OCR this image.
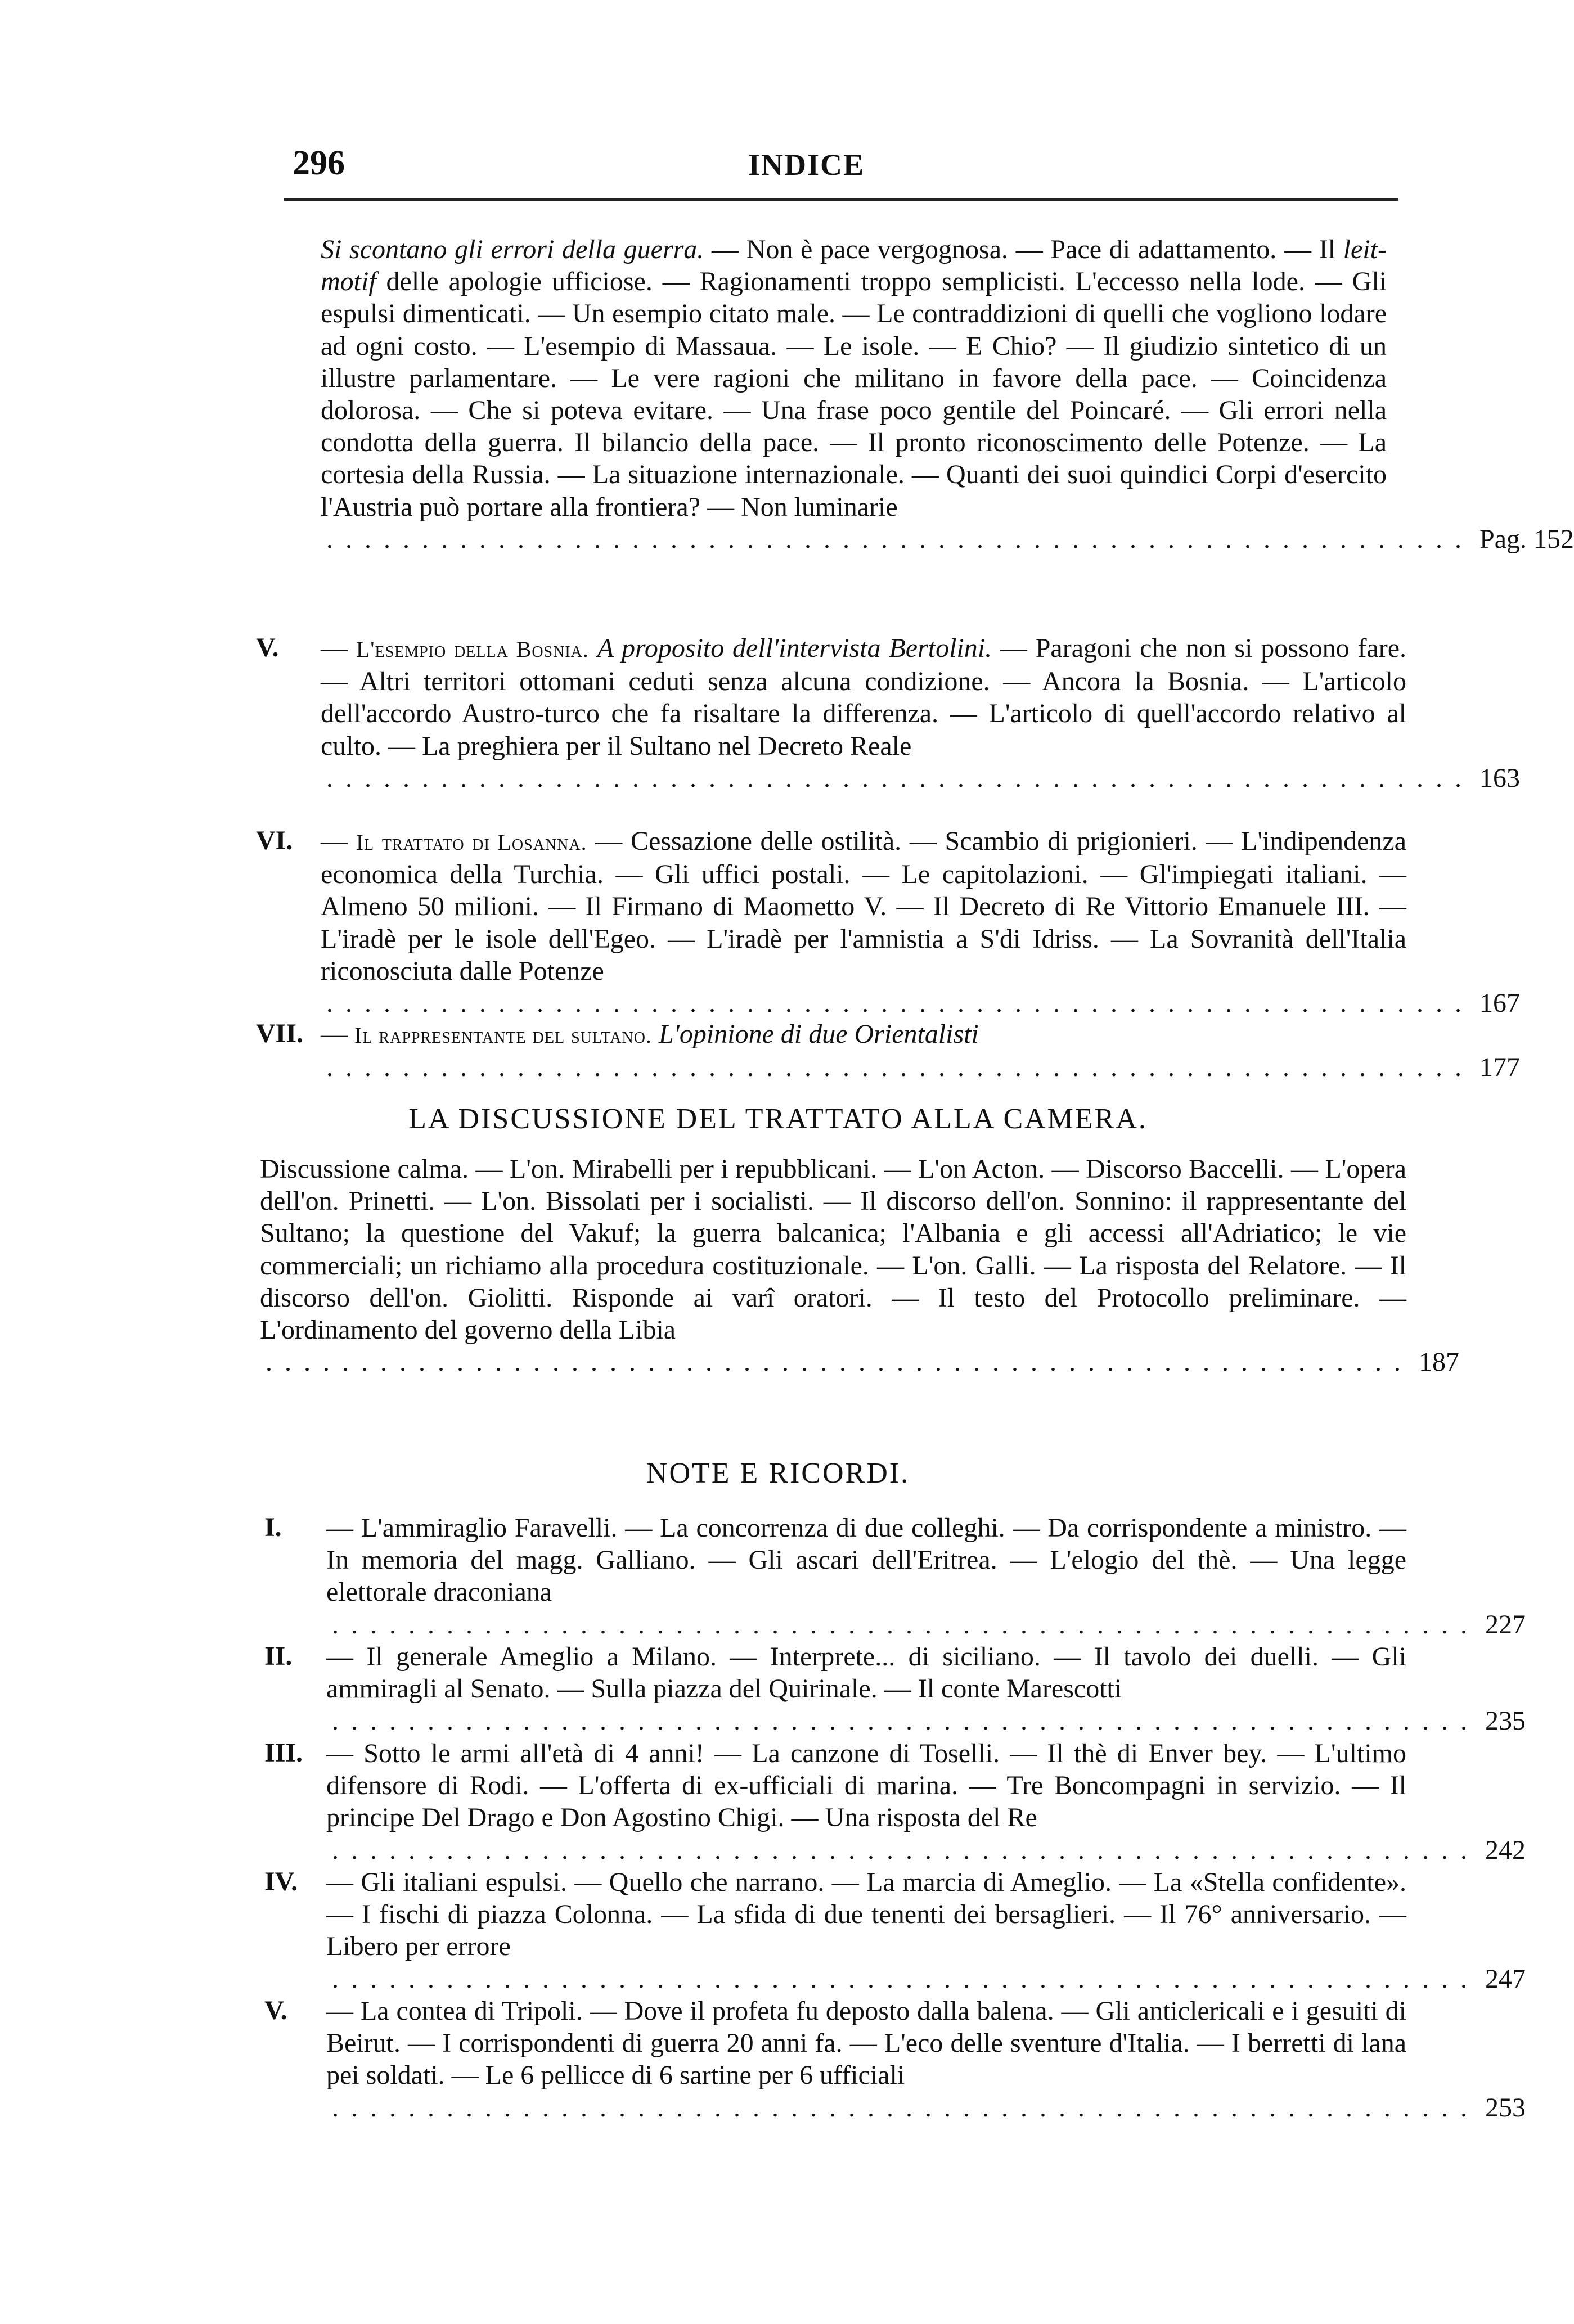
296	INDICE
Si scontano gli errori della guerra. — Non è pace vergognosa. — Pace di adattamento. — Il leit-motif delle apologie ufficiose. — Ragionamenti troppo semplicisti. L'eccesso nella lode. — Gli espulsi dimenticati. — Un esempio citato male. — Le contraddizioni di quelli che vogliono lodare ad ogni costo. — L'esempio di Massaua. — Le isole. — E Chio? — Il giudizio sintetico di un illustre parlamentare. — Le vere ragioni che militano in favore della pace. — Coincidenza dolorosa. — Che si poteva evitare. — Una frase poco gentile del Poincaré. — Gli errori nella condotta della guerra. Il bilancio della pace. — Il pronto riconoscimento delle Potenze. — La cortesia della Russia. — La situazione internazionale. — Quanti dei suoi quindici Corpi d'esercito l'Austria può portare alla frontiera? — Non luminarie
............................................................ Pag. 152
— L'esempio della Bosnia. A proposito dell'intervista Bertolini. — Paragoni che non si possono fare. — Altri territori ottomani ceduti senza alcuna condizione. — Ancora la Bosnia. — L'articolo dell'accordo Austro-turco che fa risaltare la differenza. — L'articolo di quell'accordo relativo al culto. — La preghiera per il Sultano nel Decreto Reale
............................................................ 163
— Il trattato di Losanna. — Cessazione delle ostilità. — Scambio di prigionieri. — L'indipendenza economica della Turchia. — Gli uffici postali. — Le capitolazioni. — Gl'impiegati italiani. — Almeno 50 milioni. — Il Firmano di Maometto V. — Il Decreto di Re Vittorio Emanuele III. — L'iradè per le isole dell'Egeo. — L'iradè per l'amnistia a S'di Idriss. — La Sovranità dell'Italia riconosciuta dalle Potenze
............................................................ 167
— Il rappresentante del sultano. L'opinione di due Orientalisti
............................................................ 177
V.
VI.
VII.
LA DISCUSSIONE DEL TRATTATO ALLA CAMERA.
Discussione calma. — L'on. Mirabelli per i repubblicani. — L'on Acton. — Discorso Baccelli. — L'opera dell'on. Prinetti. — L'on. Bissolati per i socialisti. — Il discorso dell'on. Sonnino: il rappresentante del Sultano; la questione del Vakuf; la guerra balcanica; l'Albania e gli accessi all'Adriatico; le vie commerciali; un richiamo alla procedura costituzionale. — L'on. Galli. — La risposta del Relatore. — Il discorso dell'on. Giolitti. Risponde ai varî oratori. — Il testo del Protocollo preliminare. — L'ordinamento del governo della Libia
............................................................ 187
NOTE E RICORDI.
I.
II.
III.
IV.
V.
— L'ammiraglio Faravelli. — La concorrenza di due colleghi. — Da corrispondente a ministro. — In memoria del magg. Galliano. — Gli ascari dell'Eritrea. — L'elogio del thè. — Una legge elettorale draconiana
............................................................ 227
— Il generale Ameglio a Milano. — Interprete... di siciliano. — Il tavolo dei duelli. — Gli ammiragli al Senato. — Sulla piazza del Quirinale. — Il conte Marescotti
............................................................ 235
— Sotto le armi all'età di 4 anni! — La canzone di Toselli. — Il thè di Enver bey. — L'ultimo difensore di Rodi. — L'offerta di ex-ufficiali di marina. — Tre Boncompagni in servizio. — Il principe Del Drago e Don Agostino Chigi. — Una risposta del Re
............................................................ 242
— Gli italiani espulsi. — Quello che narrano. — La marcia di Ameglio. — La «Stella confidente». — I fischi di piazza Colonna. — La sfida di due tenenti dei bersaglieri. — Il 76° anniversario. — Libero per errore
............................................................ 247
— La contea di Tripoli. — Dove il profeta fu deposto dalla balena. — Gli anticlericali e i gesuiti di Beirut. — I corrispondenti di guerra 20 anni fa. — L'eco delle sventure d'Italia. — I berretti di lana pei soldati. — Le 6 pellicce di 6 sartine per 6 ufficiali
............................................................ 253
